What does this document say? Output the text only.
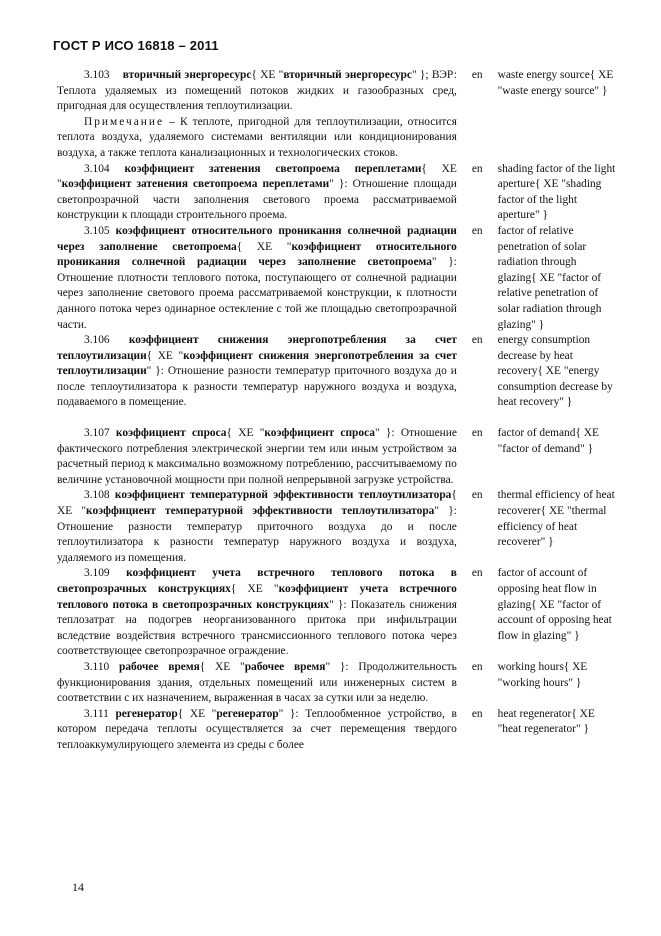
ГОСТ Р ИСО 16818 – 2011

3.103 вторичный энергоресурс{ XE "вторичный энергоресурс" }; ВЭР: Теплота удаляемых из помещений потоков жидких и газообразных сред, пригодная для осуществления теплоутилизации.

Примечание – К теплоте, пригодной для теплоутилизации, относится теплота воздуха, удаляемого системами вентиляции или кондиционирования воздуха, а также теплота канализационных и технологических стоков.

en	waste energy source{ XE "waste energy source" }

3.104 коэффициент затенения светопроема переплетами{ XE "коэффициент затенения светопроема переплетами" }: Отношение площади светопрозрачной части заполнения светового проема рассматриваемой конструкции к площади строительного проема.

en	shading factor of the light aperture{ XE "shading factor of the light aperture" }

3.105 коэффициент относительного проникания солнечной радиации через заполнение светопроема{ XE "коэффициент относительного проникания солнечной радиации через заполнение светопроема" }: Отношение плотности теплового потока, поступающего от солнечной радиации через заполнение светового проема рассматриваемой конструкции, к плотности данного потока через одинарное остекление с той же площадью светопрозрачной части.

en	factor of relative penetration of solar radiation through glazing{ XE "factor of relative penetration of solar radiation through glazing" }

3.106 коэффициент снижения энергопотребления за счет теплоутилизации{ XE "коэффициент снижения энергопотребления за счет теплоутилизации" }: Отношение разности температур приточного воздуха до и после теплоутилизатора к разности температур наружного воздуха и воздуха, подаваемого в помещение.

en	energy consumption decrease by heat recovery{ XE "energy consumption decrease by heat recovery" }

3.107 коэффициент спроса{ XE "коэффициент спроса" }: Отношение фактического потребления электрической энергии тем или иным устройством за расчетный период к максимально возможному потреблению, рассчитываемому по величине установочной мощности при полной непрерывной загрузке устройства.

en	factor of demand{ XE "factor of demand" }

3.108 коэффициент температурной эффективности теплоутилизатора{ XE "коэффициент температурной эффективности теплоутилизатора" }: Отношение разности температур приточного воздуха до и после теплоутилизатора к разности температур наружного воздуха и воздуха, удаляемого из помещения.

en	thermal efficiency of heat recoverer{ XE "thermal efficiency of heat recoverer" }

3.109 коэффициент учета встречного теплового потока в светопрозрачных конструкциях{ XE "коэффициент учета встречного теплового потока в светопрозрачных конструкциях" }: Показатель снижения теплозатрат на подогрев неорганизованного притока при инфильтрации вследствие воздействия встречного трансмиссионного теплового потока через соответствующее светопрозрачное ограждение.

en	factor of account of opposing heat flow in glazing{ XE "factor of account of opposing heat flow in glazing" }

3.110 рабочее время{ XE "рабочее время" }: Продолжительность функционирования здания, отдельных помещений или инженерных систем в соответствии с их назначением, выраженная в часах за сутки или за неделю.

en	working hours{ XE "working hours" }

3.111 регенератор{ XE "регенератор" }: Теплообменное устройство, в котором передача теплоты осуществляется за счет перемещения твердого теплоаккумулирующего элемента из среды с более

en	heat regenerator{ XE "heat regenerator" }
14
